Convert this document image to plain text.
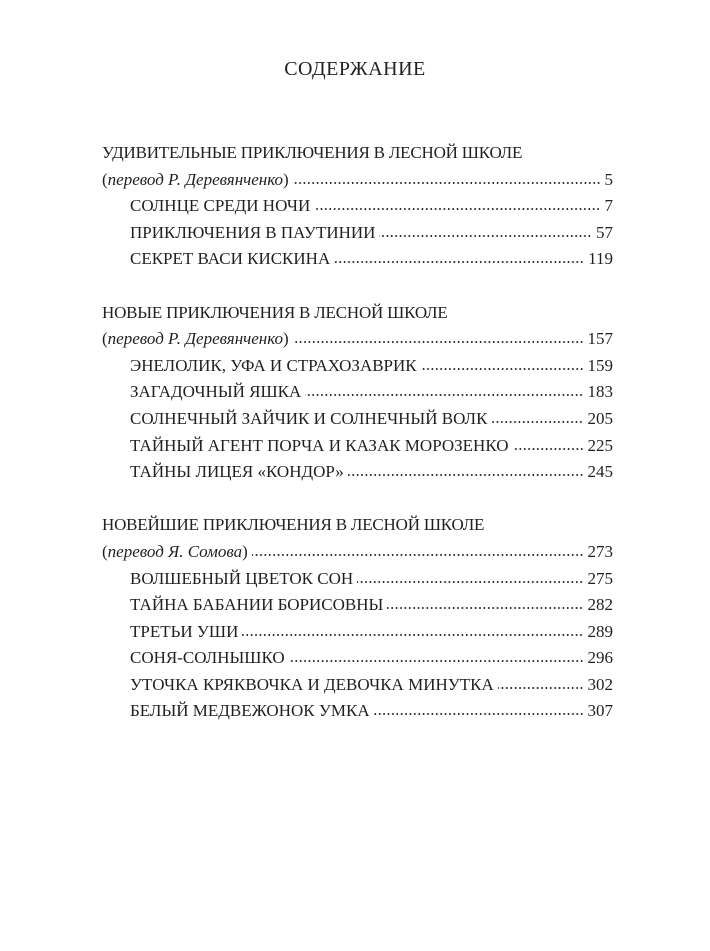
СОДЕРЖАНИЕ
УДИВИТЕЛЬНЫЕ ПРИКЛЮЧЕНИЯ В ЛЕСНОЙ ШКОЛЕ
(перевод Р. Деревянченко)	5
СОЛНЦЕ СРЕДИ НОЧИ	7
ПРИКЛЮЧЕНИЯ В ПАУТИНИИ	57
СЕКРЕТ ВАСИ КИСКИНА	119
НОВЫЕ ПРИКЛЮЧЕНИЯ В ЛЕСНОЙ ШКОЛЕ
(перевод Р. Деревянченко)	157
ЭНЕЛОЛИК, УФА И СТРАХОЗАВРИК	159
ЗАГАДОЧНЫЙ ЯШКА	183
СОЛНЕЧНЫЙ ЗАЙЧИК И СОЛНЕЧНЫЙ ВОЛК	205
ТАЙНЫЙ АГЕНТ ПОРЧА И КАЗАК МОРОЗЕНКО	225
ТАЙНЫ ЛИЦЕЯ «КОНДОР»	245
НОВЕЙШИЕ ПРИКЛЮЧЕНИЯ В ЛЕСНОЙ ШКОЛЕ
(перевод Я. Сомова)	273
ВОЛШЕБНЫЙ ЦВЕТОК СОН	275
ТАЙНА БАБАНИИ БОРИСОВНЫ	282
ТРЕТЬИ УШИ	289
СОНЯ-СОЛНЫШКО	296
УТОЧКА КРЯКВОЧКА И ДЕВОЧКА МИНУТКА	302
БЕЛЫЙ МЕДВЕЖОНОК УМКА	307
